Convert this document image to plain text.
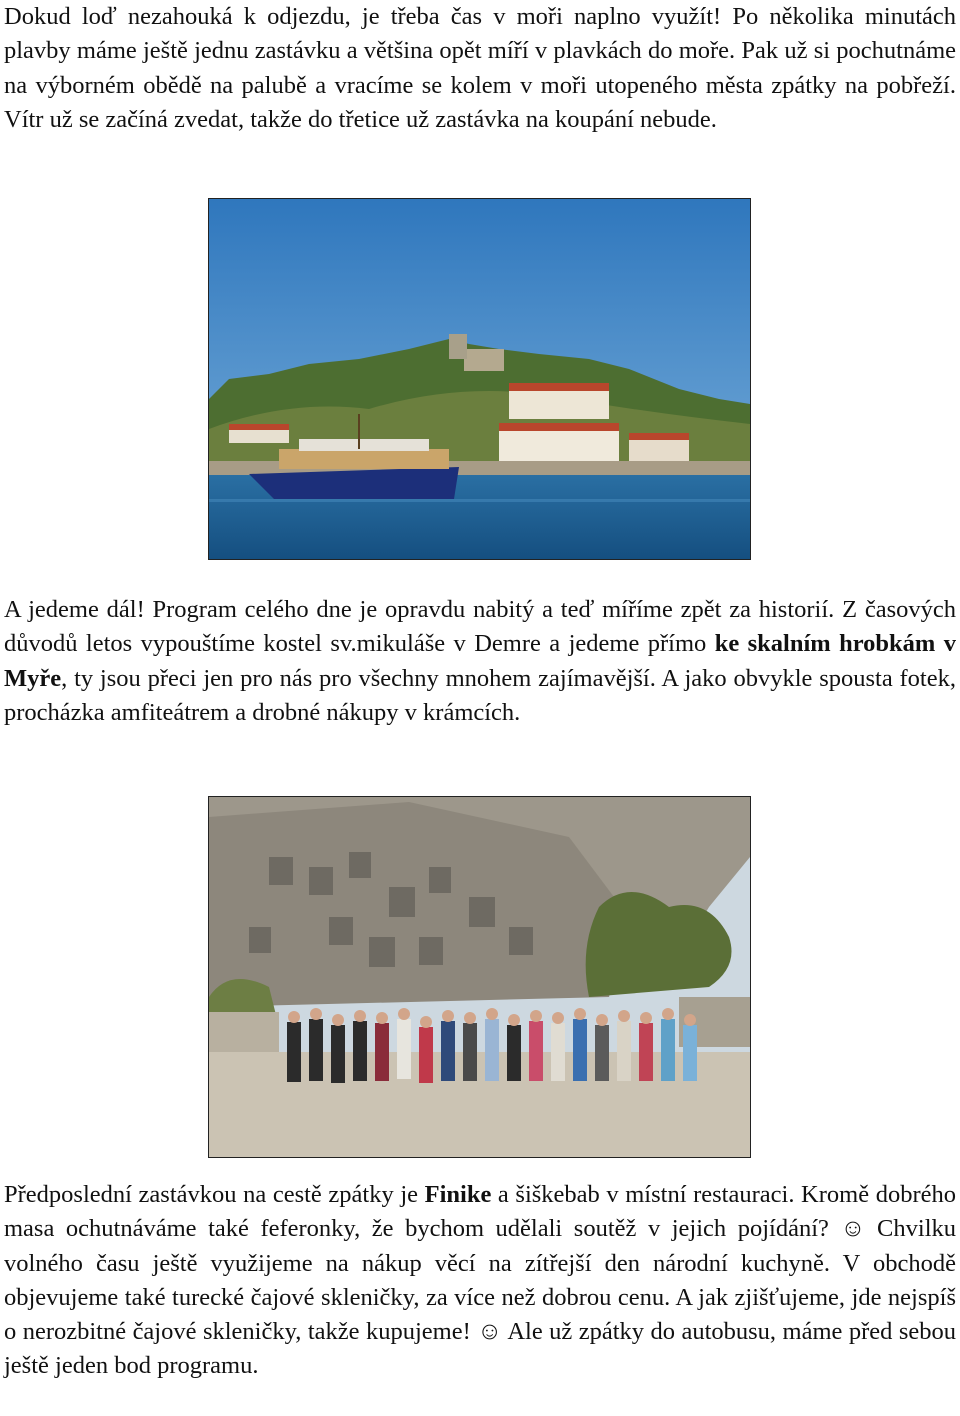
Dokud loď nezahouká k odjezdu, je třeba čas v moři naplno využít! Po několika minutách plavby máme ještě jednu zastávku a většina opět míří v plavkách do moře. Pak už si pochutnáme na výborném obědě na palubě a vracíme se kolem v moři utopeného města zpátky na pobřeží. Vítr už se začíná zvedat, takže do třetice už zastávka na koupání nebude.

A jedeme dál! Program celého dne je opravdu nabitý a teď míříme zpět za historií. Z časových důvodů letos vypouštíme kostel sv.mikuláše v Demre a jedeme přímo ke skalním hrobkám v Myře, ty jsou přeci jen pro nás pro všechny mnohem zajímavější. A jako obvykle spousta fotek, procházka amfiteátrem a drobné nákupy v krámcích.

Předposlední zastávkou na cestě zpátky je Finike a šiškebab v místní restauraci. Kromě dobrého masa ochutnáváme také feferonky, že bychom udělali soutěž v jejich pojídání? ☺ Chvilku volného času ještě využijeme na nákup věcí na zítřejší den národní kuchyně. V obchodě objevujeme také turecké čajové skleničky, za více než dobrou cenu. A jak zjišťujeme, jde nejspíš o nerozbitné čajové skleničky, takže kupujeme! ☺ Ale už zpátky do autobusu, máme před sebou ještě jeden bod programu.
